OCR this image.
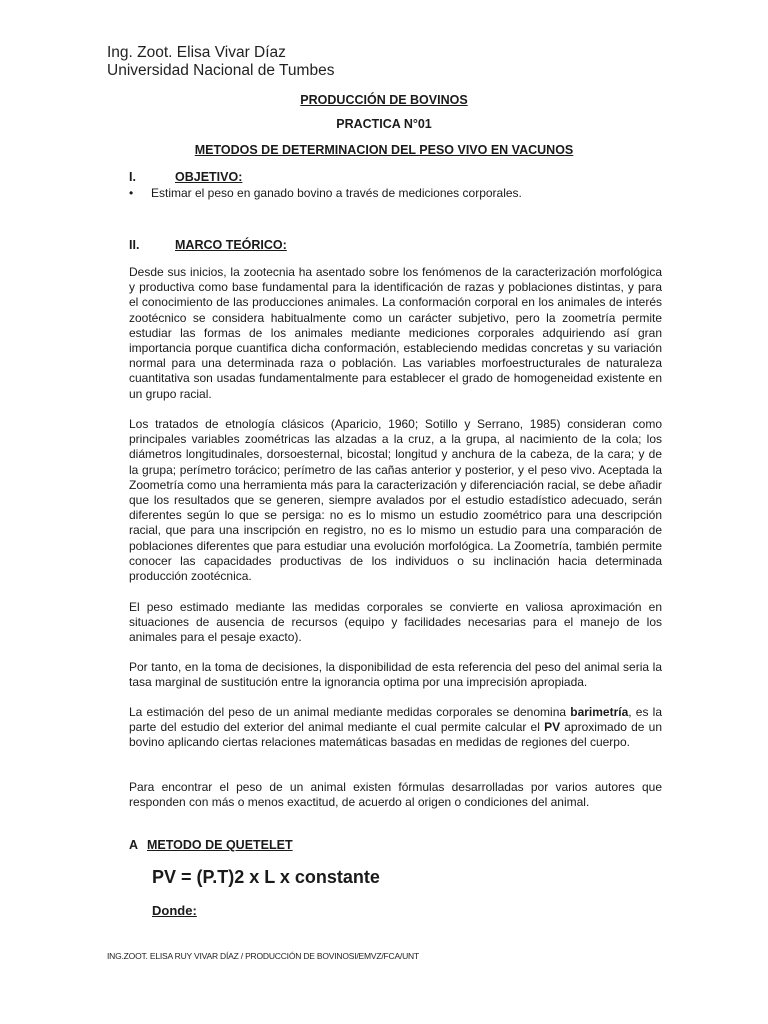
Ing. Zoot. Elisa Vivar Díaz
Universidad Nacional de Tumbes
PRODUCCIÓN DE BOVINOS
PRACTICA N°01
METODOS DE DETERMINACION DEL PESO VIVO EN VACUNOS
I.	OBJETIVO:
• Estimar el peso en ganado bovino a través de mediciones corporales.
II.	MARCO TEÓRICO:
Desde sus inicios, la zootecnia ha asentado sobre los fenómenos de la caracterización morfológica y productiva como base fundamental para la identificación de razas y poblaciones distintas, y para el conocimiento de las producciones animales. La conformación corporal en los animales de interés zootécnico se considera habitualmente como un carácter subjetivo, pero la zoometría permite estudiar las formas de los animales mediante mediciones corporales adquiriendo así gran importancia porque cuantifica dicha conformación, estableciendo medidas concretas y su variación normal para una determinada raza o población. Las variables morfoestructurales de naturaleza cuantitativa son usadas fundamentalmente para establecer el grado de homogeneidad existente en un grupo racial.
Los tratados de etnología clásicos (Aparicio, 1960; Sotillo y Serrano, 1985) consideran como principales variables zoométricas las alzadas a la cruz, a la grupa, al nacimiento de la cola; los diámetros longitudinales, dorsoesternal, bicostal; longitud y anchura de la cabeza, de la cara; y de la grupa; perímetro torácico; perímetro de las cañas anterior y posterior, y el peso vivo. Aceptada la Zoometría como una herramienta más para la caracterización y diferenciación racial, se debe añadir que los resultados que se generen, siempre avalados por el estudio estadístico adecuado, serán diferentes según lo que se persiga: no es lo mismo un estudio zoométrico para una descripción racial, que para una inscripción en registro, no es lo mismo un estudio para una comparación de poblaciones diferentes que para estudiar una evolución morfológica. La Zoometría, también permite conocer las capacidades productivas de los individuos o su inclinación hacia determinada producción zootécnica.
El peso estimado mediante las medidas corporales se convierte en valiosa aproximación en situaciones de ausencia de recursos (equipo y facilidades necesarias para el manejo de los animales para el pesaje exacto).
Por tanto, en la toma de decisiones, la disponibilidad de esta referencia del peso del animal seria la tasa marginal de sustitución entre la ignorancia optima por una imprecisión apropiada.
La estimación del peso de un animal mediante medidas corporales se denomina barimetría, es la parte del estudio del exterior del animal mediante el cual permite calcular el PV aproximado de un bovino aplicando ciertas relaciones matemáticas basadas en medidas de regiones del cuerpo.
Para encontrar el peso de un animal existen fórmulas desarrolladas por varios autores que responden con más o menos exactitud, de acuerdo al origen o condiciones del animal.
A METODO DE QUETELET
PV = (P.T)2 x L x constante
Donde:
ING.ZOOT. ELISA RUY VIVAR DÍAZ / PRODUCCIÓN DE BOVINOSI/EMVZ/FCA/UNT
